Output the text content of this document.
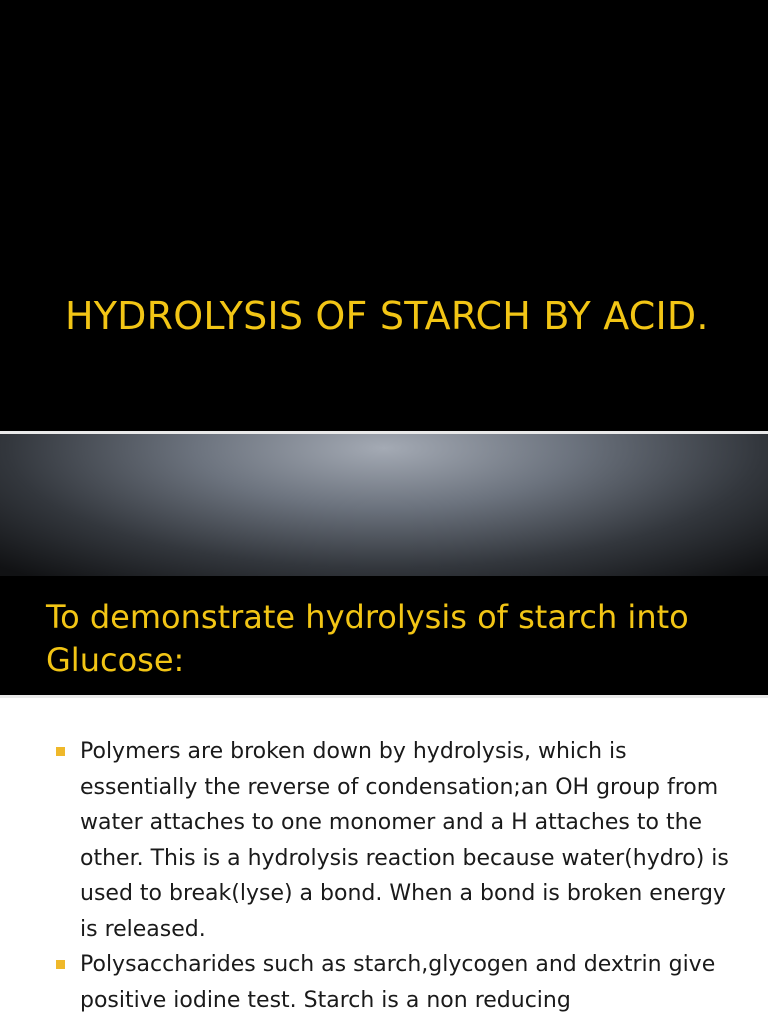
HYDROLYSIS OF STARCH BY ACID.
To demonstrate hydrolysis of starch into Glucose:
Polymers are broken down by hydrolysis, which is essentially the reverse of condensation;an OH group from water attaches to one monomer and a H attaches to the other. This is a hydrolysis reaction because water(hydro) is used to break(lyse) a bond. When a bond is broken energy is released.
Polysaccharides such as starch,glycogen and dextrin give positive iodine test. Starch is a non reducing
